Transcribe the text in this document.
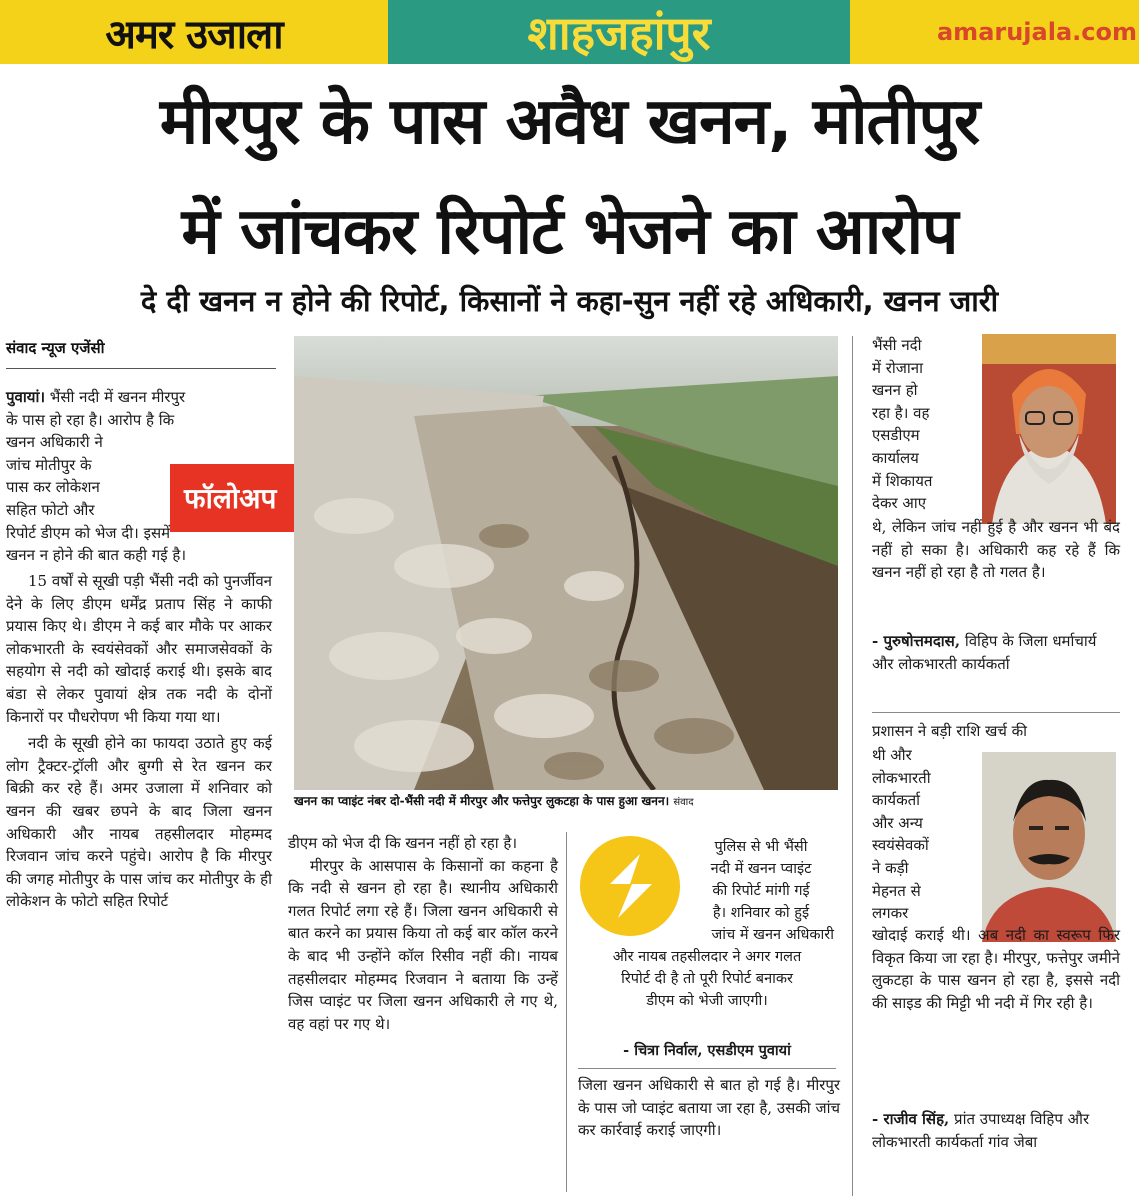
अमर उजाला	शाहजहांपुर	amarujala.com
मीरपुर के पास अवैध खनन, मोतीपुर
में जांचकर रिपोर्ट भेजने का आरोप
दे दी खनन न होने की रिपोर्ट, किसानों ने कहा-सुन नहीं रहे अधिकारी, खनन जारी
संवाद न्यूज एजेंसी

पुवायां। भैंसी नदी में खनन मीरपुर

के पास हो रहा है। आरोप है कि

खनन अधिकारी ने

जांच मोतीपुर के

पास कर लोकेशन

सहित फोटो और

रिपोर्ट डीएम को भेज दी। इसमें

खनन न होने की बात कही गई है।

15 वर्षों से सूखी पड़ी भैंसी नदी को पुनर्जीवन देने के लिए डीएम धर्मेंद्र प्रताप सिंह ने काफी प्रयास किए थे। डीएम ने कई बार मौके पर आकर लोकभारती के स्वयंसेवकों और समाजसेवकों के सहयोग से नदी को खोदाई कराई थी। इसके बाद बंडा से लेकर पुवायां क्षेत्र तक नदी के दोनों किनारों पर पौधरोपण भी किया गया था।

नदी के सूखी होने का फायदा उठाते हुए कई लोग ट्रैक्टर-ट्रॉली और बुग्गी से रेत खनन कर बिक्री कर रहे हैं। अमर उजाला में शनिवार को खनन की खबर छपने के बाद जिला खनन अधिकारी और नायब तहसीलदार मोहम्मद रिजवान जांच करने पहुंचे। आरोप है कि मीरपुर की जगह मोतीपुर के पास जांच कर मोतीपुर के ही लोकेशन के फोटो सहित रिपोर्ट

फॉलोअप
खनन का प्वाइंट नंबर दो-भैंसी नदी में मीरपुर और फत्तेपुर लुकटहा के पास हुआ खनन। संवाद

डीएम को भेज दी कि खनन नहीं हो रहा है।

मीरपुर के आसपास के किसानों का कहना है कि नदी से खनन हो रहा है। स्थानीय अधिकारी गलत रिपोर्ट लगा रहे हैं। जिला खनन अधिकारी से बात करने का प्रयास किया तो कई बार कॉल करने के बाद भी उन्होंने कॉल रिसीव नहीं की। नायब तहसीलदार मोहम्मद रिजवान ने बताया कि उन्हें जिस प्वाइंट पर जिला खनन अधिकारी ले गए थे, वह वहां पर गए थे।

पुलिस से भी भैंसी

नदी में खनन प्वाइंट

की रिपोर्ट मांगी गई

है। शनिवार को हुई

जांच में खनन अधिकारी

और नायब तहसीलदार ने अगर गलत

रिपोर्ट दी है तो पूरी रिपोर्ट बनाकर

डीएम को भेजी जाएगी।

- चित्रा निर्वाल, एसडीएम पुवायां

जिला खनन अधिकारी से बात हो गई है। मीरपुर के पास जो प्वाइंट बताया जा रहा है, उसकी जांच कर कार्रवाई कराई जाएगी।

भैंसी नदी

में रोजाना

खनन हो

रहा है। वह

एसडीएम

कार्यालय

में शिकायत

देकर आए

थे, लेकिन जांच नहीं हुई है और खनन भी बंद नहीं हो सका है। अधिकारी कह रहे हैं कि खनन नहीं हो रहा है तो गलत है।

- पुरुषोत्तमदास, विहिप के जिला धर्माचार्य और लोकभारती कार्यकर्ता

प्रशासन ने बड़ी राशि खर्च की

थी और

लोकभारती

कार्यकर्ता

और अन्य

स्वयंसेवकों

ने कड़ी

मेहनत से

लगकर

खोदाई कराई थी। अब नदी का स्वरूप फिर विकृत किया जा रहा है। मीरपुर, फत्तेपुर जमीने लुकटहा के पास खनन हो रहा है, इससे नदी की साइड की मिट्टी भी नदी में गिर रही है।

- राजीव सिंह, प्रांत उपाध्यक्ष विहिप और लोकभारती कार्यकर्ता गांव जेबा
